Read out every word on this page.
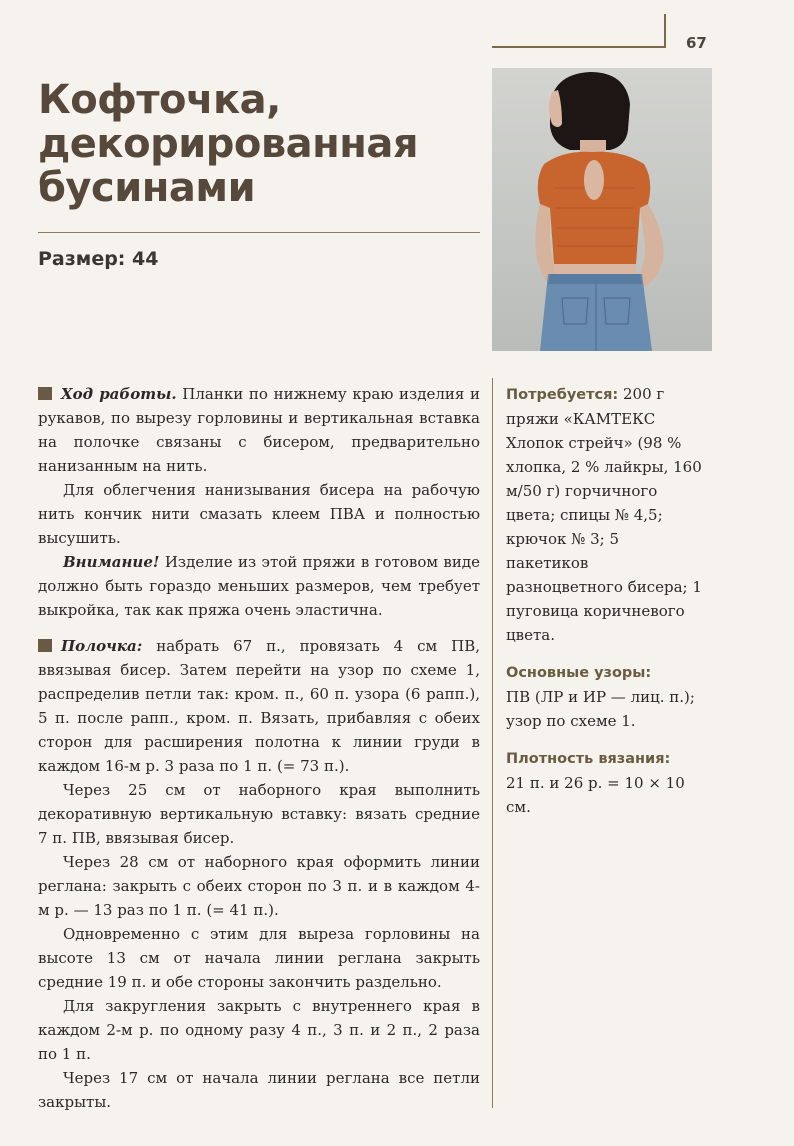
67
Кофточка,
декорированная
бусинами
Размер: 44

Ход работы. Планки по нижнему краю изделия и рукавов, по вырезу горловины и вертикальная вставка на полочке связаны с бисером, предварительно нанизанным на нить.

Для облегчения нанизывания бисера на рабочую нить кончик нити смазать клеем ПВА и полностью высушить.

Внимание! Изделие из этой пряжи в готовом виде должно быть гораздо меньших размеров, чем требует выкройка, так как пряжа очень эластична.

Полочка: набрать 67 п., провязать 4 см ПВ, ввязывая бисер. Затем перейти на узор по схеме 1, распределив петли так: кром. п., 60 п. узора (6 рапп.), 5 п. после рапп., кром. п. Вязать, прибавляя с обеих сторон для расширения полотна к линии груди в каждом 16-м р. 3 раза по 1 п. (= 73 п.).

Через 25 см от наборного края выполнить декоративную вертикальную вставку: вязать средние 7 п. ПВ, ввязывая бисер.

Через 28 см от наборного края оформить линии реглана: закрыть с обеих сторон по 3 п. и в каждом 4-м р. — 13 раз по 1 п. (= 41 п.).

Одновременно с этим для выреза горловины на высоте 13 см от начала линии реглана закрыть средние 19 п. и обе стороны закончить раздельно.

Для закругления закрыть с внутреннего края в каждом 2-м р. по одному разу 4 п., 3 п. и 2 п., 2 раза по 1 п.

Через 17 см от начала линии реглана все петли закрыты.

Потребуется: 200 г пряжи «КАМТЕКС Хлопок стрейч» (98 % хлопка, 2 % лайкры, 160 м/50 г) горчичного цвета; спицы № 4,5; крючок № 3; 5 пакетиков разноцветного бисера; 1 пуговица коричневого цвета.

Основные узоры:

ПВ (ЛР и ИР — лиц. п.); узор по схеме 1.

Плотность вязания:

21 п. и 26 р. = 10 × 10 см.
